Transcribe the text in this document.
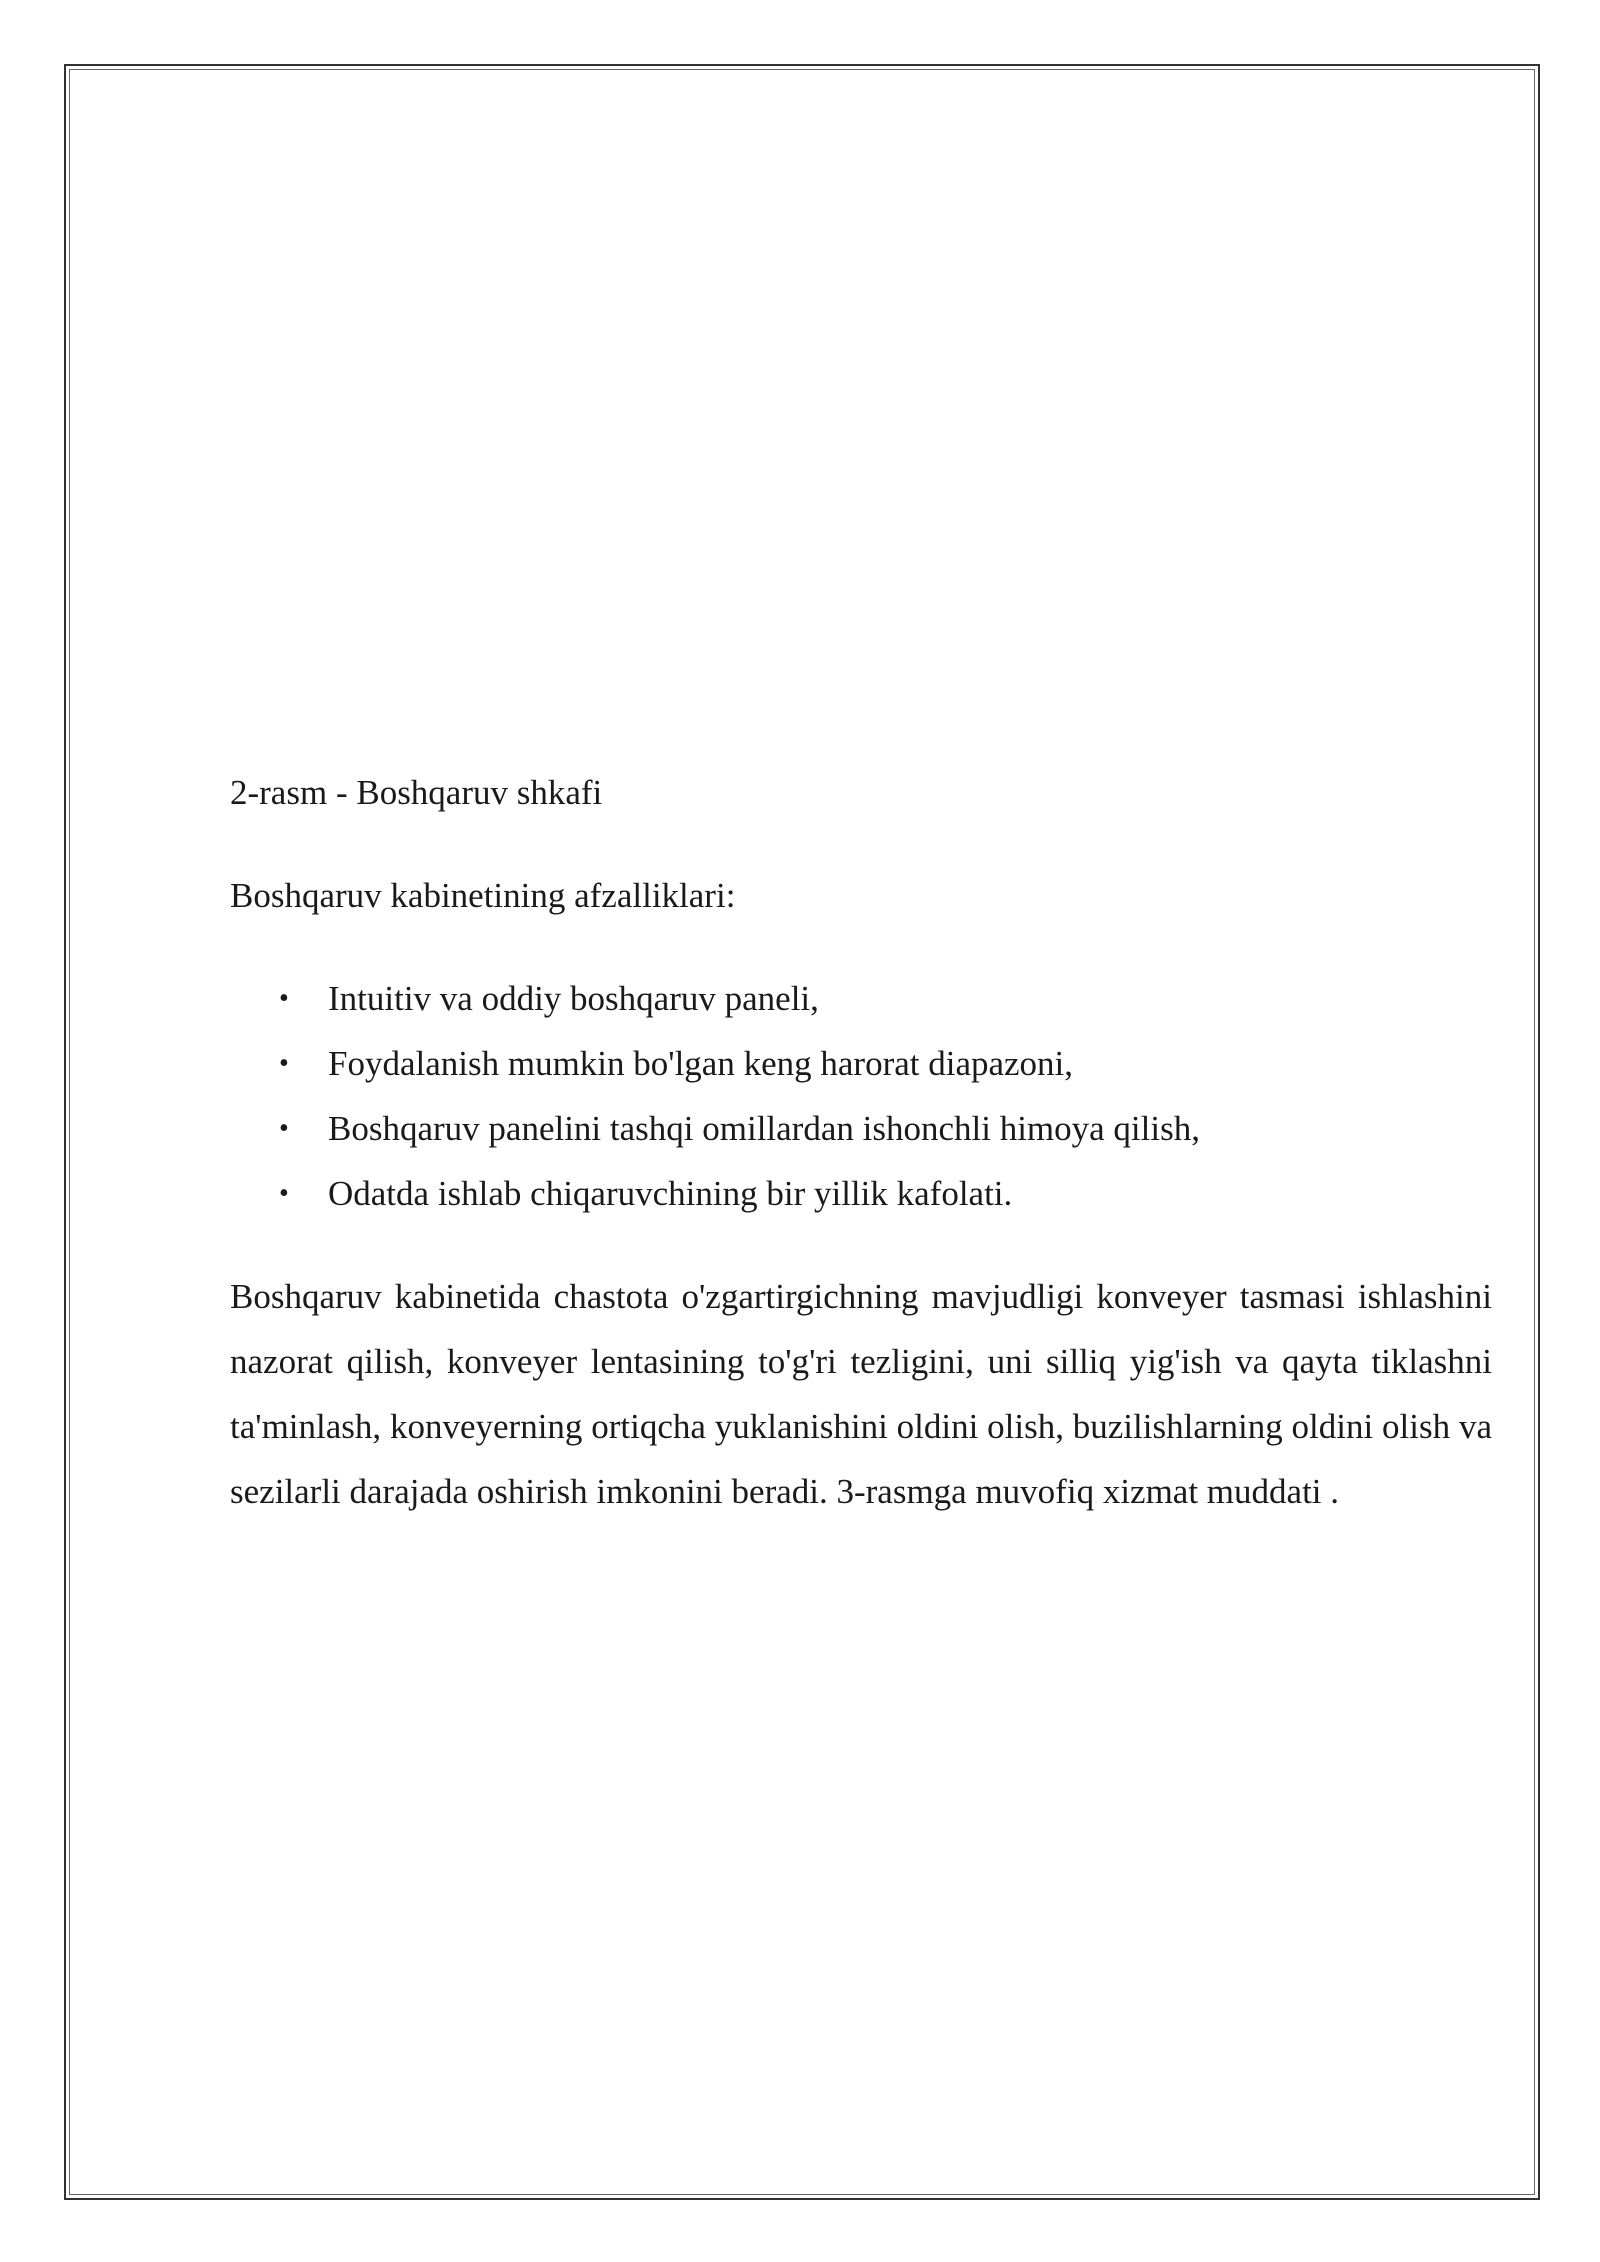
2-rasm - Boshqaruv shkafi

Boshqaruv kabinetining afzalliklari:

• Intuitiv va oddiy boshqaruv paneli,
• Foydalanish mumkin bo'lgan keng harorat diapazoni,
• Boshqaruv panelini tashqi omillardan ishonchli himoya qilish,
• Odatda ishlab chiqaruvchining bir yillik kafolati.

Boshqaruv kabinetida chastota o'zgartirgichning mavjudligi konveyer tasmasi ishlashini nazorat qilish, konveyer lentasining to'g'ri tezligini, uni silliq yig'ish va qayta tiklashni ta'minlash, konveyerning ortiqcha yuklanishini oldini olish, buzilishlarning oldini olish va sezilarli darajada oshirish imkonini beradi. 3-rasmga muvofiq xizmat muddati .
